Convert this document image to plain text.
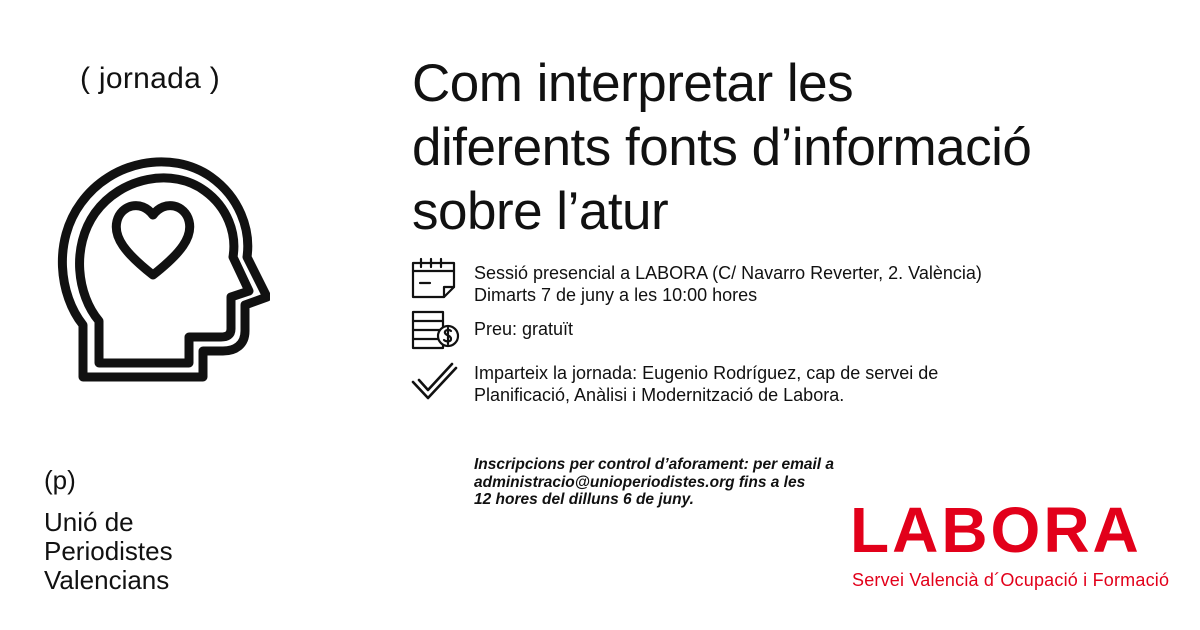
( jornada )	Com interpretar les
diferents fonts d’informació
sobre l’atur
Sessió presencial a LABORA (C/ Navarro Reverter, 2. València)
Dimarts 7 de juny a les 10:00 hores
Preu: gratuït
Imparteix la jornada: Eugenio Rodríguez, cap de servei de
Planificació, Anàlisi i Modernització de Labora.
Inscripcions per control d’aforament: per email a
administracio@unioperiodistes.org fins a les
12 hores del dilluns 6 de juny.
(p)
Unió de
Periodistes
Valencians
LABORA
Servei Valencià d´Ocupació i Formació
